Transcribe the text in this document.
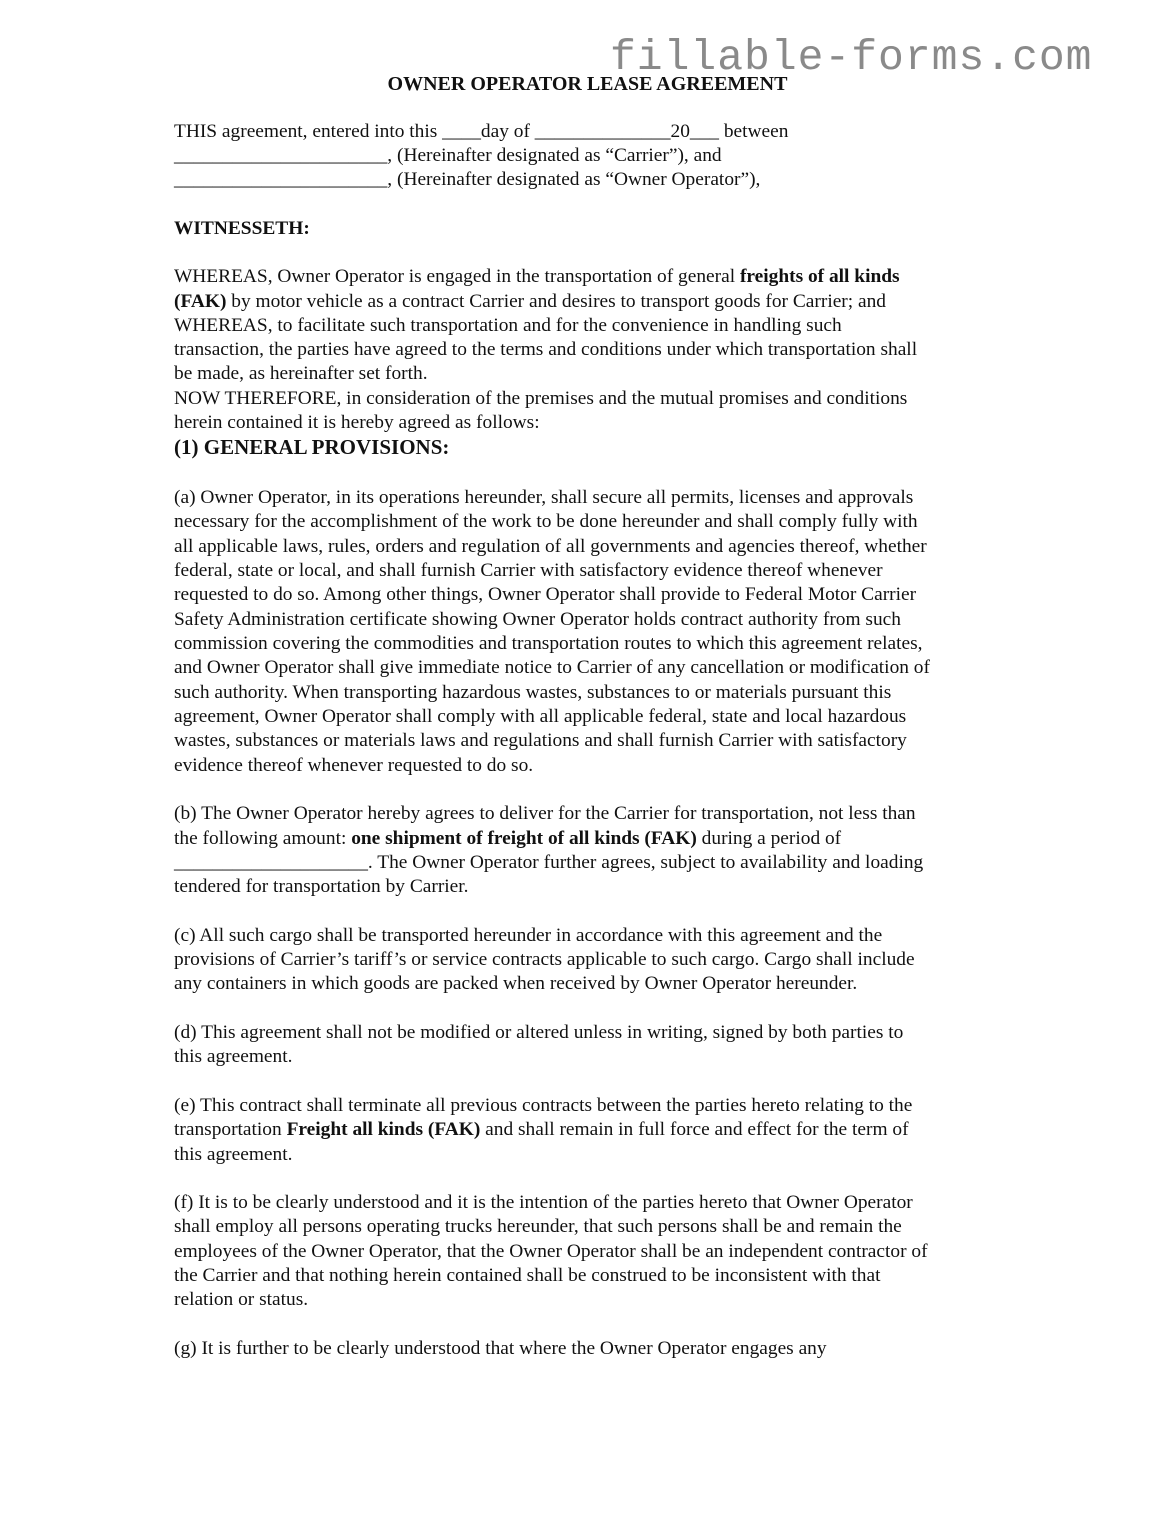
fillable-forms.com
OWNER OPERATOR LEASE AGREEMENT
THIS agreement, entered into this ____day of ______________20___ between
______________________, (Hereinafter designated as “Carrier”), and
______________________, (Hereinafter designated as “Owner Operator”),
WITNESSETH:
WHEREAS, Owner Operator is engaged in the transportation of general freights of all kinds
(FAK) by motor vehicle as a contract Carrier and desires to transport goods for Carrier; and
WHEREAS, to facilitate such transportation and for the convenience in handling such
transaction, the parties have agreed to the terms and conditions under which transportation shall
be made, as hereinafter set forth.
NOW THEREFORE, in consideration of the premises and the mutual promises and conditions
herein contained it is hereby agreed as follows:
(1) GENERAL PROVISIONS:
(a) Owner Operator, in its operations hereunder, shall secure all permits, licenses and approvals
necessary for the accomplishment of the work to be done hereunder and shall comply fully with
all applicable laws, rules, orders and regulation of all governments and agencies thereof, whether
federal, state or local, and shall furnish Carrier with satisfactory evidence thereof whenever
requested to do so. Among other things, Owner Operator shall provide to Federal Motor Carrier
Safety Administration certificate showing Owner Operator holds contract authority from such
commission covering the commodities and transportation routes to which this agreement relates,
and Owner Operator shall give immediate notice to Carrier of any cancellation or modification of
such authority. When transporting hazardous wastes, substances to or materials pursuant this
agreement, Owner Operator shall comply with all applicable federal, state and local hazardous
wastes, substances or materials laws and regulations and shall furnish Carrier with satisfactory
evidence thereof whenever requested to do so.
(b) The Owner Operator hereby agrees to deliver for the Carrier for transportation, not less than
the following amount: one shipment of freight of all kinds (FAK) during a period of
____________________. The Owner Operator further agrees, subject to availability and loading
tendered for transportation by Carrier.
(c) All such cargo shall be transported hereunder in accordance with this agreement and the
provisions of Carrier’s tariff’s or service contracts applicable to such cargo. Cargo shall include
any containers in which goods are packed when received by Owner Operator hereunder.
(d) This agreement shall not be modified or altered unless in writing, signed by both parties to
this agreement.
(e) This contract shall terminate all previous contracts between the parties hereto relating to the
transportation Freight all kinds (FAK) and shall remain in full force and effect for the term of
this agreement.
(f) It is to be clearly understood and it is the intention of the parties hereto that Owner Operator
shall employ all persons operating trucks hereunder, that such persons shall be and remain the
employees of the Owner Operator, that the Owner Operator shall be an independent contractor of
the Carrier and that nothing herein contained shall be construed to be inconsistent with that
relation or status.
(g) It is further to be clearly understood that where the Owner Operator engages any
